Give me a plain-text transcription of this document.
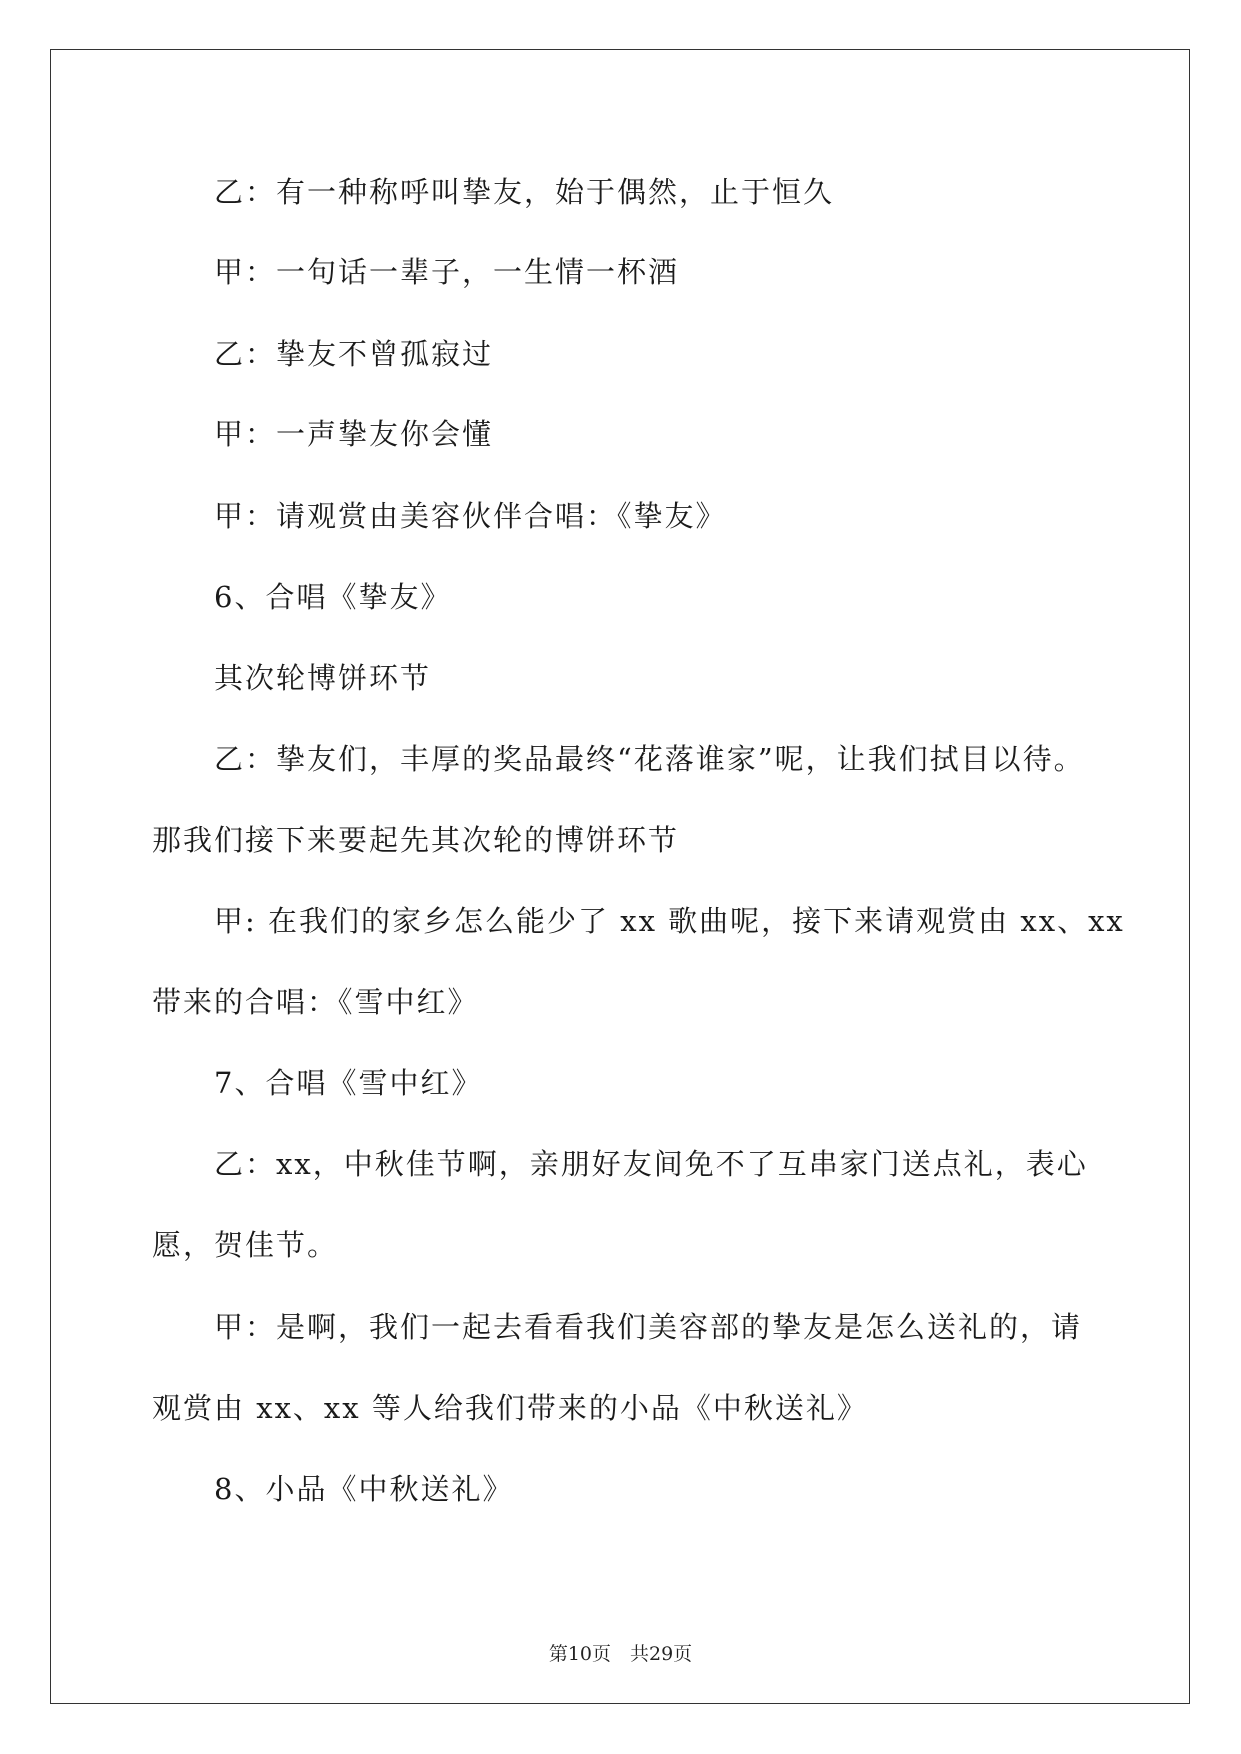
乙：有一种称呼叫挚友，始于偶然，止于恒久
甲：一句话一辈子，一生情一杯酒
乙：挚友不曾孤寂过
甲：一声挚友你会懂
甲：请观赏由美容伙伴合唱：《挚友》
6、合唱《挚友》
其次轮博饼环节
乙：挚友们，丰厚的奖品最终“花落谁家”呢，让我们拭目以待。
那我们接下来要起先其次轮的博饼环节
甲: 在我们的家乡怎么能少了 xx 歌曲呢，接下来请观赏由 xx、xx
带来的合唱：《雪中红》
7、合唱《雪中红》
乙：xx，中秋佳节啊，亲朋好友间免不了互串家门送点礼，表心
愿，贺佳节。
甲：是啊，我们一起去看看我们美容部的挚友是怎么送礼的，请
观赏由 xx、xx 等人给我们带来的小品《中秋送礼》
8、小品《中秋送礼》
第10页　共29页
